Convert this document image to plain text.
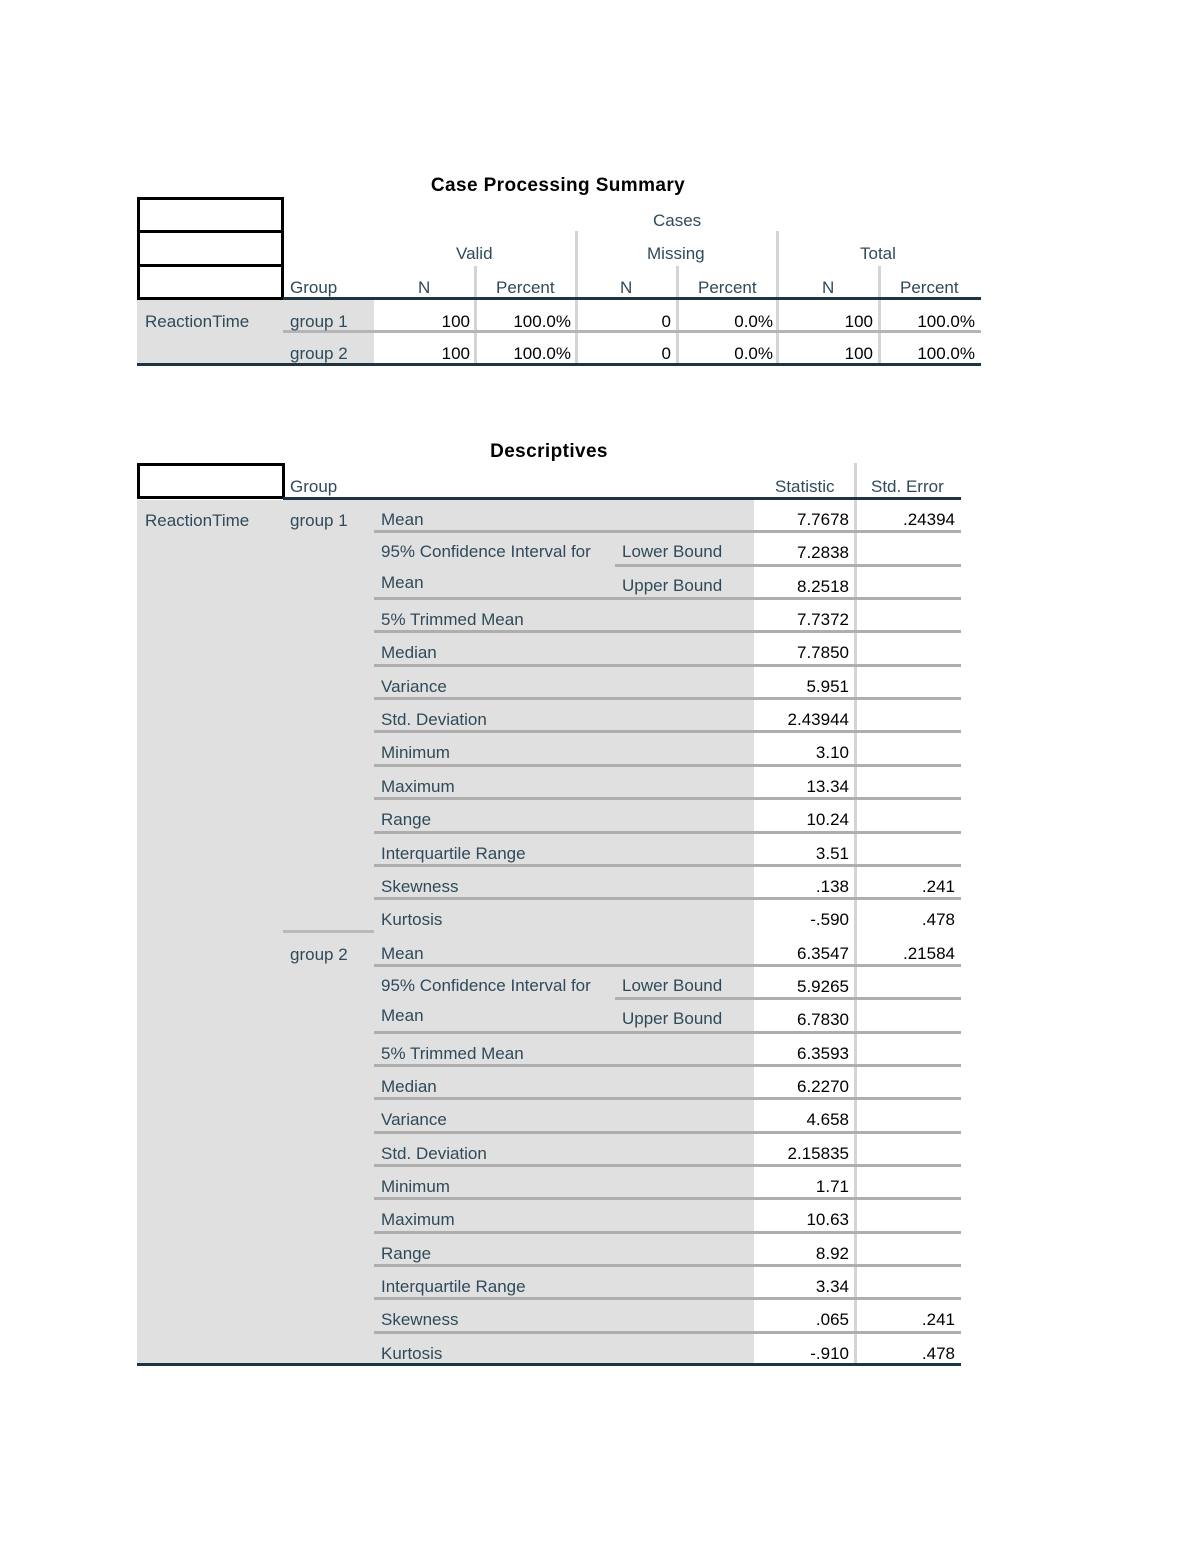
Case Processing Summary
Cases
Valid	Missing	Total
Group	N	Percent	N	Percent	N	Percent
ReactionTime group 1	100	100.0%	0	0.0%	100	100.0%
group 2	100	100.0%	0	0.0%	100	100.0%
Descriptives
Group	Statistic Std. Error
ReactionTime group 1 Mean	7.7678	.24394
95% Confidence Interval for Lower Bound	7.2838
Mean	Upper Bound	8.2518
5% Trimmed Mean	7.7372
Median	7.7850
Variance	5.951
Std. Deviation	2.43944
Minimum	3.10
Maximum	13.34
Range	10.24
Interquartile Range	3.51
Skewness	.138	.241
Kurtosis	-.590	.478
group 2 Mean	6.3547	.21584
95% Confidence Interval for Lower Bound	5.9265
Mean	Upper Bound	6.7830
5% Trimmed Mean	6.3593
Median	6.2270
Variance	4.658
Std. Deviation	2.15835
Minimum	1.71
Maximum	10.63
Range	8.92
Interquartile Range	3.34
Skewness	.065	.241
Kurtosis	-.910	.478
